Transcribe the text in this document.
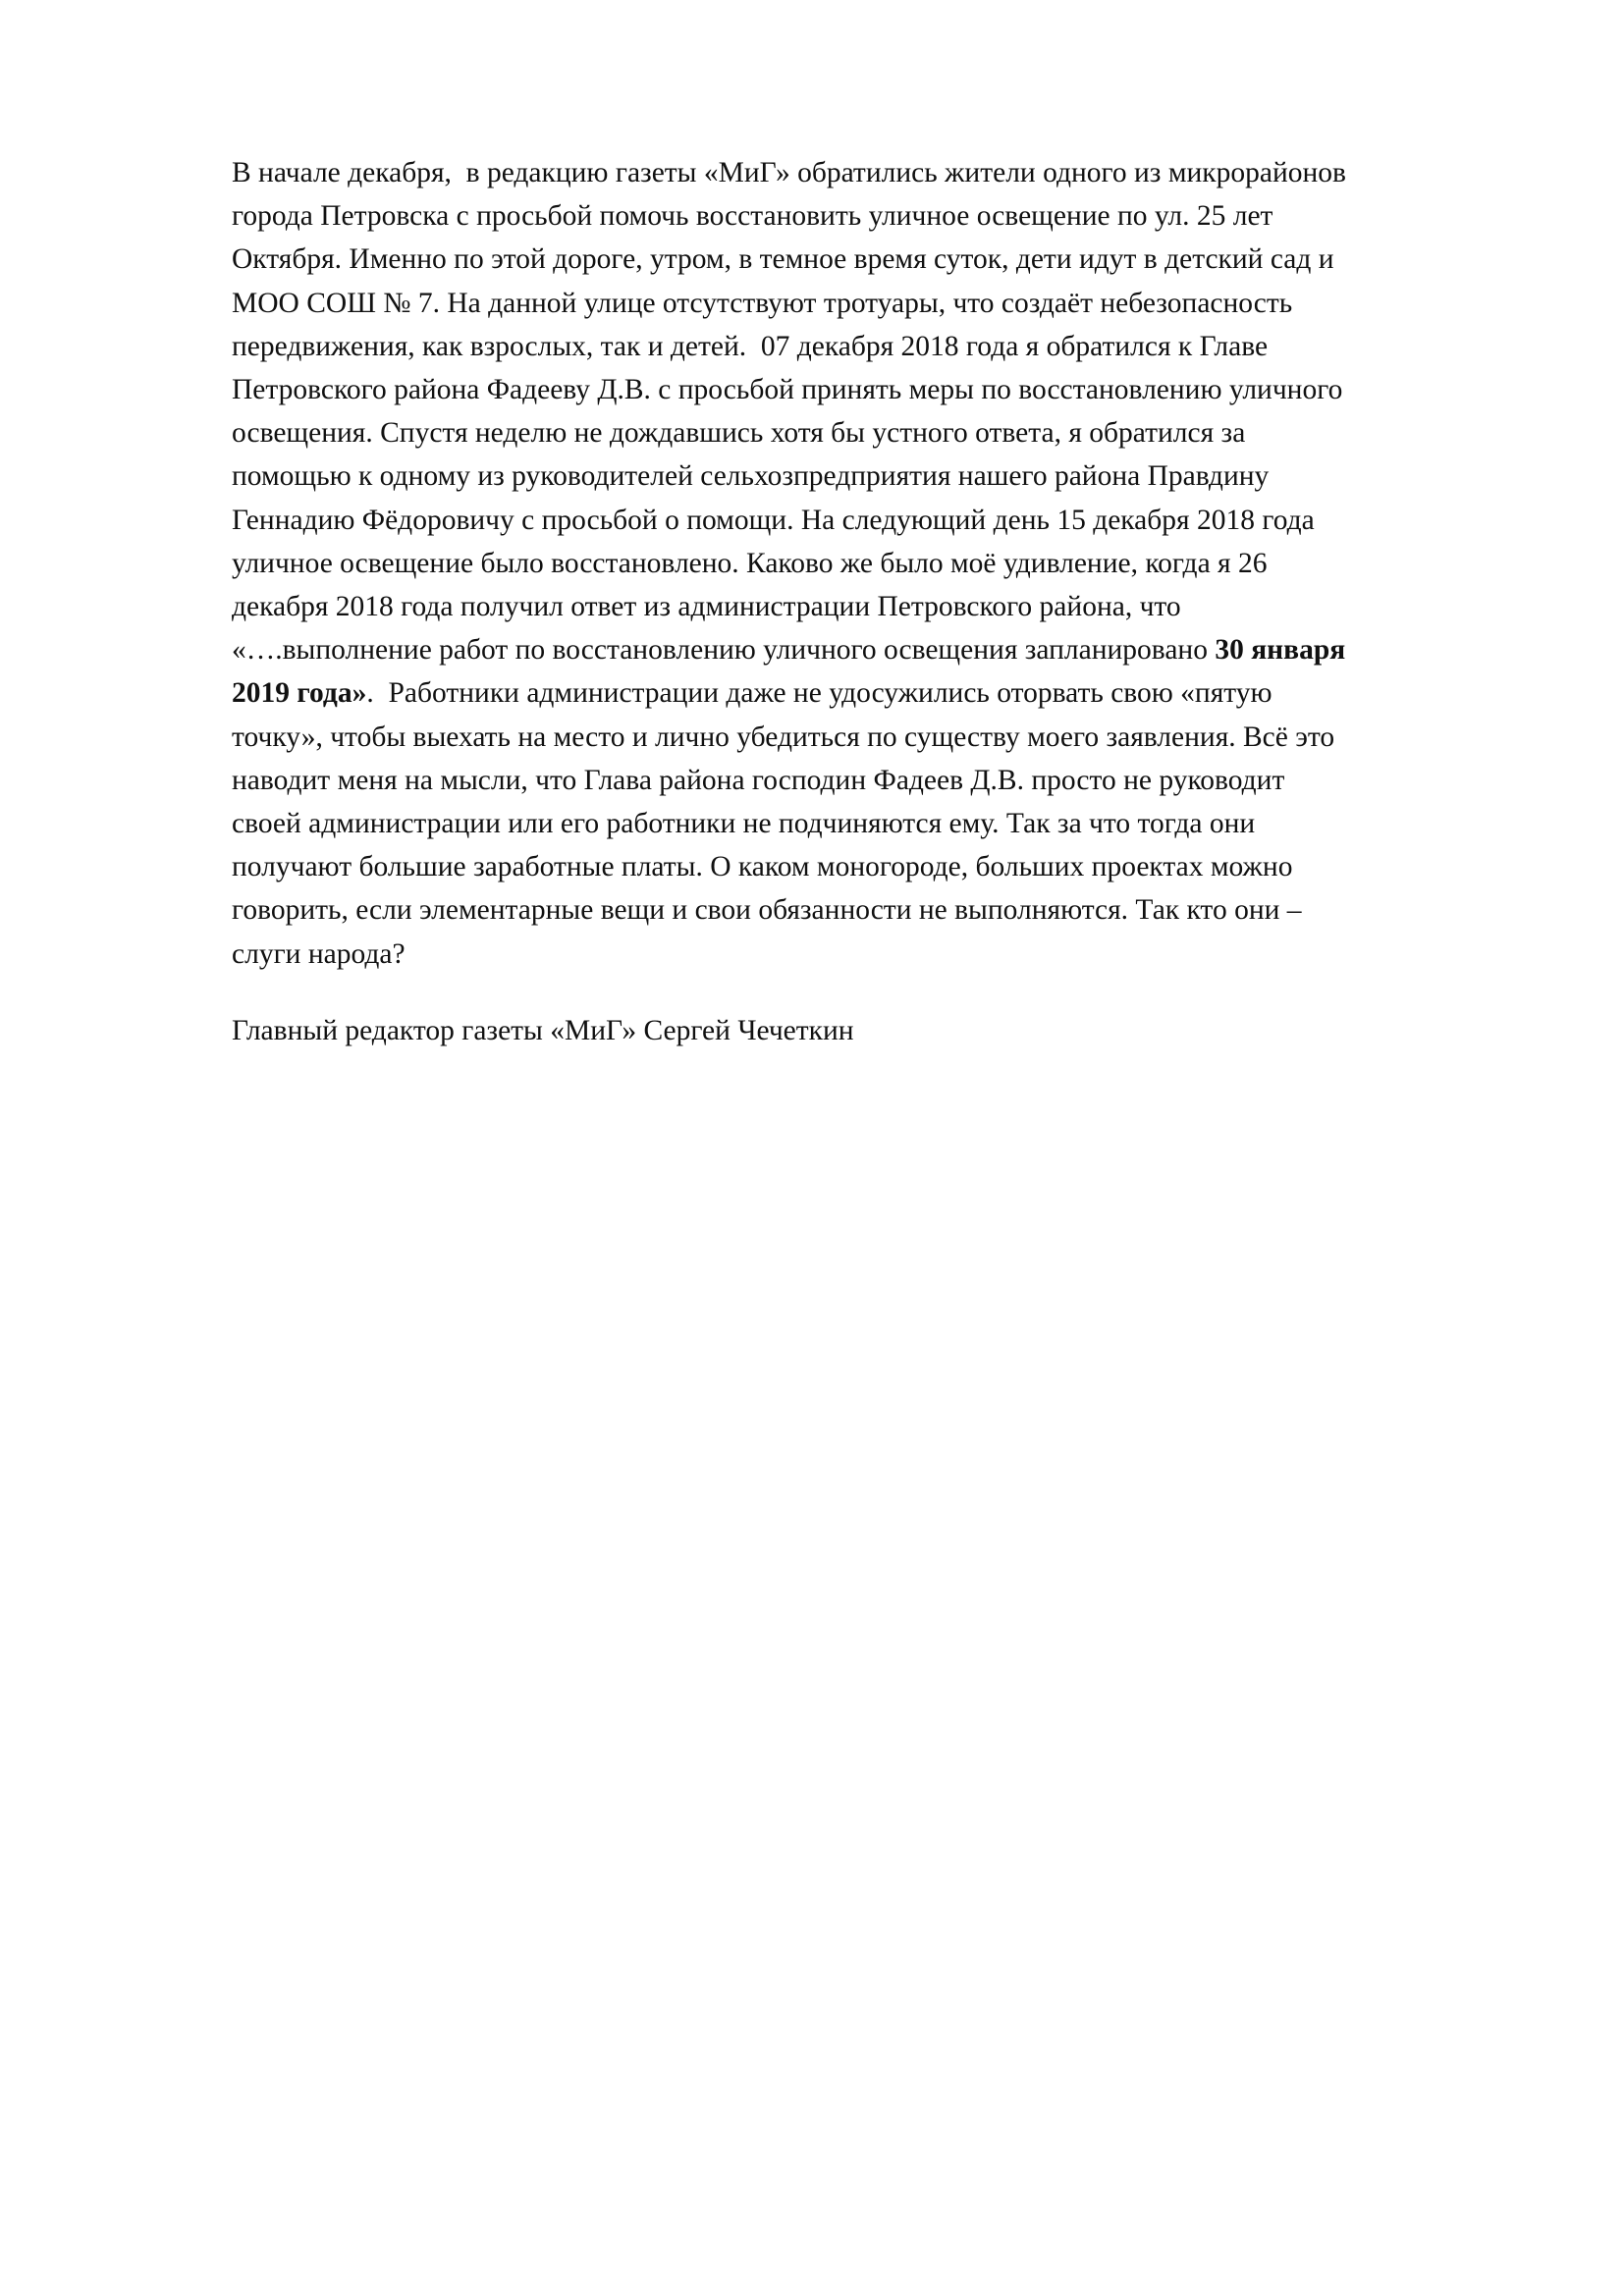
В начале декабря,  в редакцию газеты «МиГ» обратились жители одного из микрорайонов
города Петровска с просьбой помочь восстановить уличное освещение по ул. 25 лет
Октября. Именно по этой дороге, утром, в темное время суток, дети идут в детский сад и
МОО СОШ № 7. На данной улице отсутствуют тротуары, что создаёт небезопасность
передвижения, как взрослых, так и детей.  07 декабря 2018 года я обратился к Главе
Петровского района Фадееву Д.В. с просьбой принять меры по восстановлению уличного
освещения. Спустя неделю не дождавшись хотя бы устного ответа, я обратился за
помощью к одному из руководителей сельхозпредприятия нашего района Правдину
Геннадию Фёдоровичу с просьбой о помощи. На следующий день 15 декабря 2018 года
уличное освещение было восстановлено. Каково же было моё удивление, когда я 26
декабря 2018 года получил ответ из администрации Петровского района, что
«….выполнение работ по восстановлению уличного освещения запланировано 30 января
2019 года».  Работники администрации даже не удосужились оторвать свою «пятую
точку», чтобы выехать на место и лично убедиться по существу моего заявления. Всё это
наводит меня на мысли, что Глава района господин Фадеев Д.В. просто не руководит
своей администрации или его работники не подчиняются ему. Так за что тогда они
получают большие заработные платы. О каком моногороде, больших проектах можно
говорить, если элементарные вещи и свои обязанности не выполняются. Так кто они –
слуги народа?
Главный редактор газеты «МиГ» Сергей Чечеткин
